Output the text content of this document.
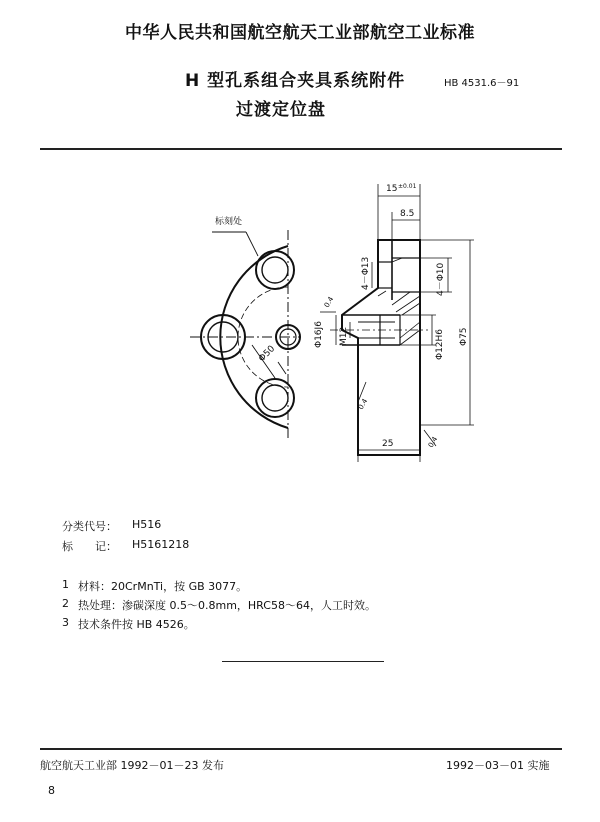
中华人民共和国航空航天工业部航空工业标准
H 型孔系组合夹具系统附件
过渡定位盘
HB 4531.6－91
标刻处
15 ±0.01
8.5
4－Φ13	4－Φ10
Φ50
Φ16J6 M12	Φ12H6 Φ75
25
0.4
0.4
0.4
分类代号： H516
标　　记： H5161218
1 材料：20CrMnTi，按 GB 3077。
2 热处理：渗碳深度 0.5～0.8mm，HRC58～64，人工时效。
3 技术条件按 HB 4526。
航空航天工业部 1992－01－23 发布	1992－03－01 实施
8
